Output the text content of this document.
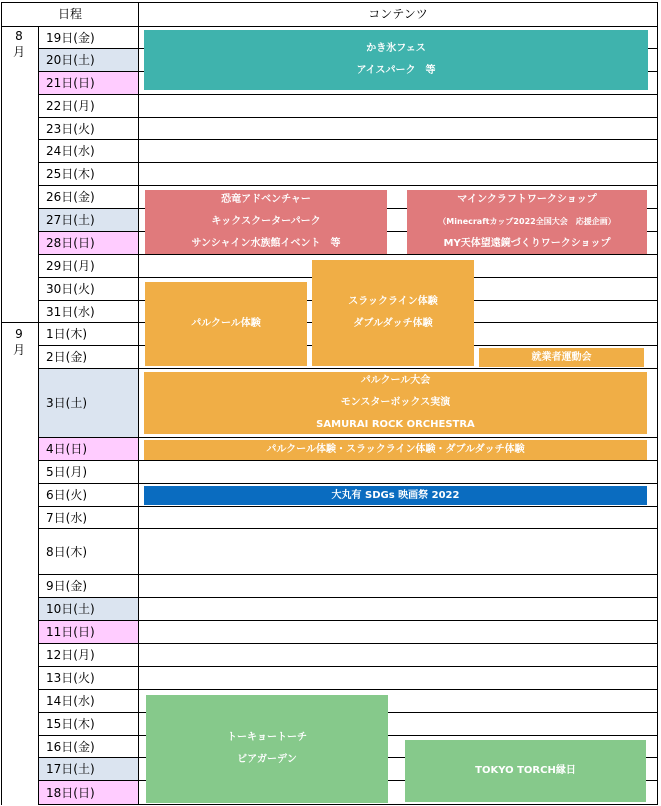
19日(金)
20日(土)
21日(日)
22日(月)
23日(火)
24日(水)
25日(木)
26日(金)
27日(土)
28日(日)
29日(月)
30日(火)
31日(水)
1日(木)
2日(金)
3日(土)
4日(日)
5日(月)
6日(火)
7日(水)
8日(木)
9日(金)
10日(土)
11日(日)
12日(月)
13日(火)
14日(水)
15日(木)
16日(金)
17日(土)
18日(日)
日程	コンテンツ
8
月
9
月
かき氷フェス
アイスパーク　等
恐竜アドベンチャー
キックスクーターパーク
サンシャイン水族館イベント　等
マインクラフトワークショップ
（Minecraftカップ2022全国大会　応援企画）
MY天体望遠鏡づくりワークショップ
パルクール体験
スラックライン体験
ダブルダッチ体験
就業者運動会
パルクール大会
モンスターボックス実演
SAMURAI ROCK ORCHESTRA
パルクール体験・スラックライン体験・ダブルダッチ体験
大丸有 SDGs 映画祭 2022
トーキョートーチ
ビアガーデン
TOKYO TORCH縁日
